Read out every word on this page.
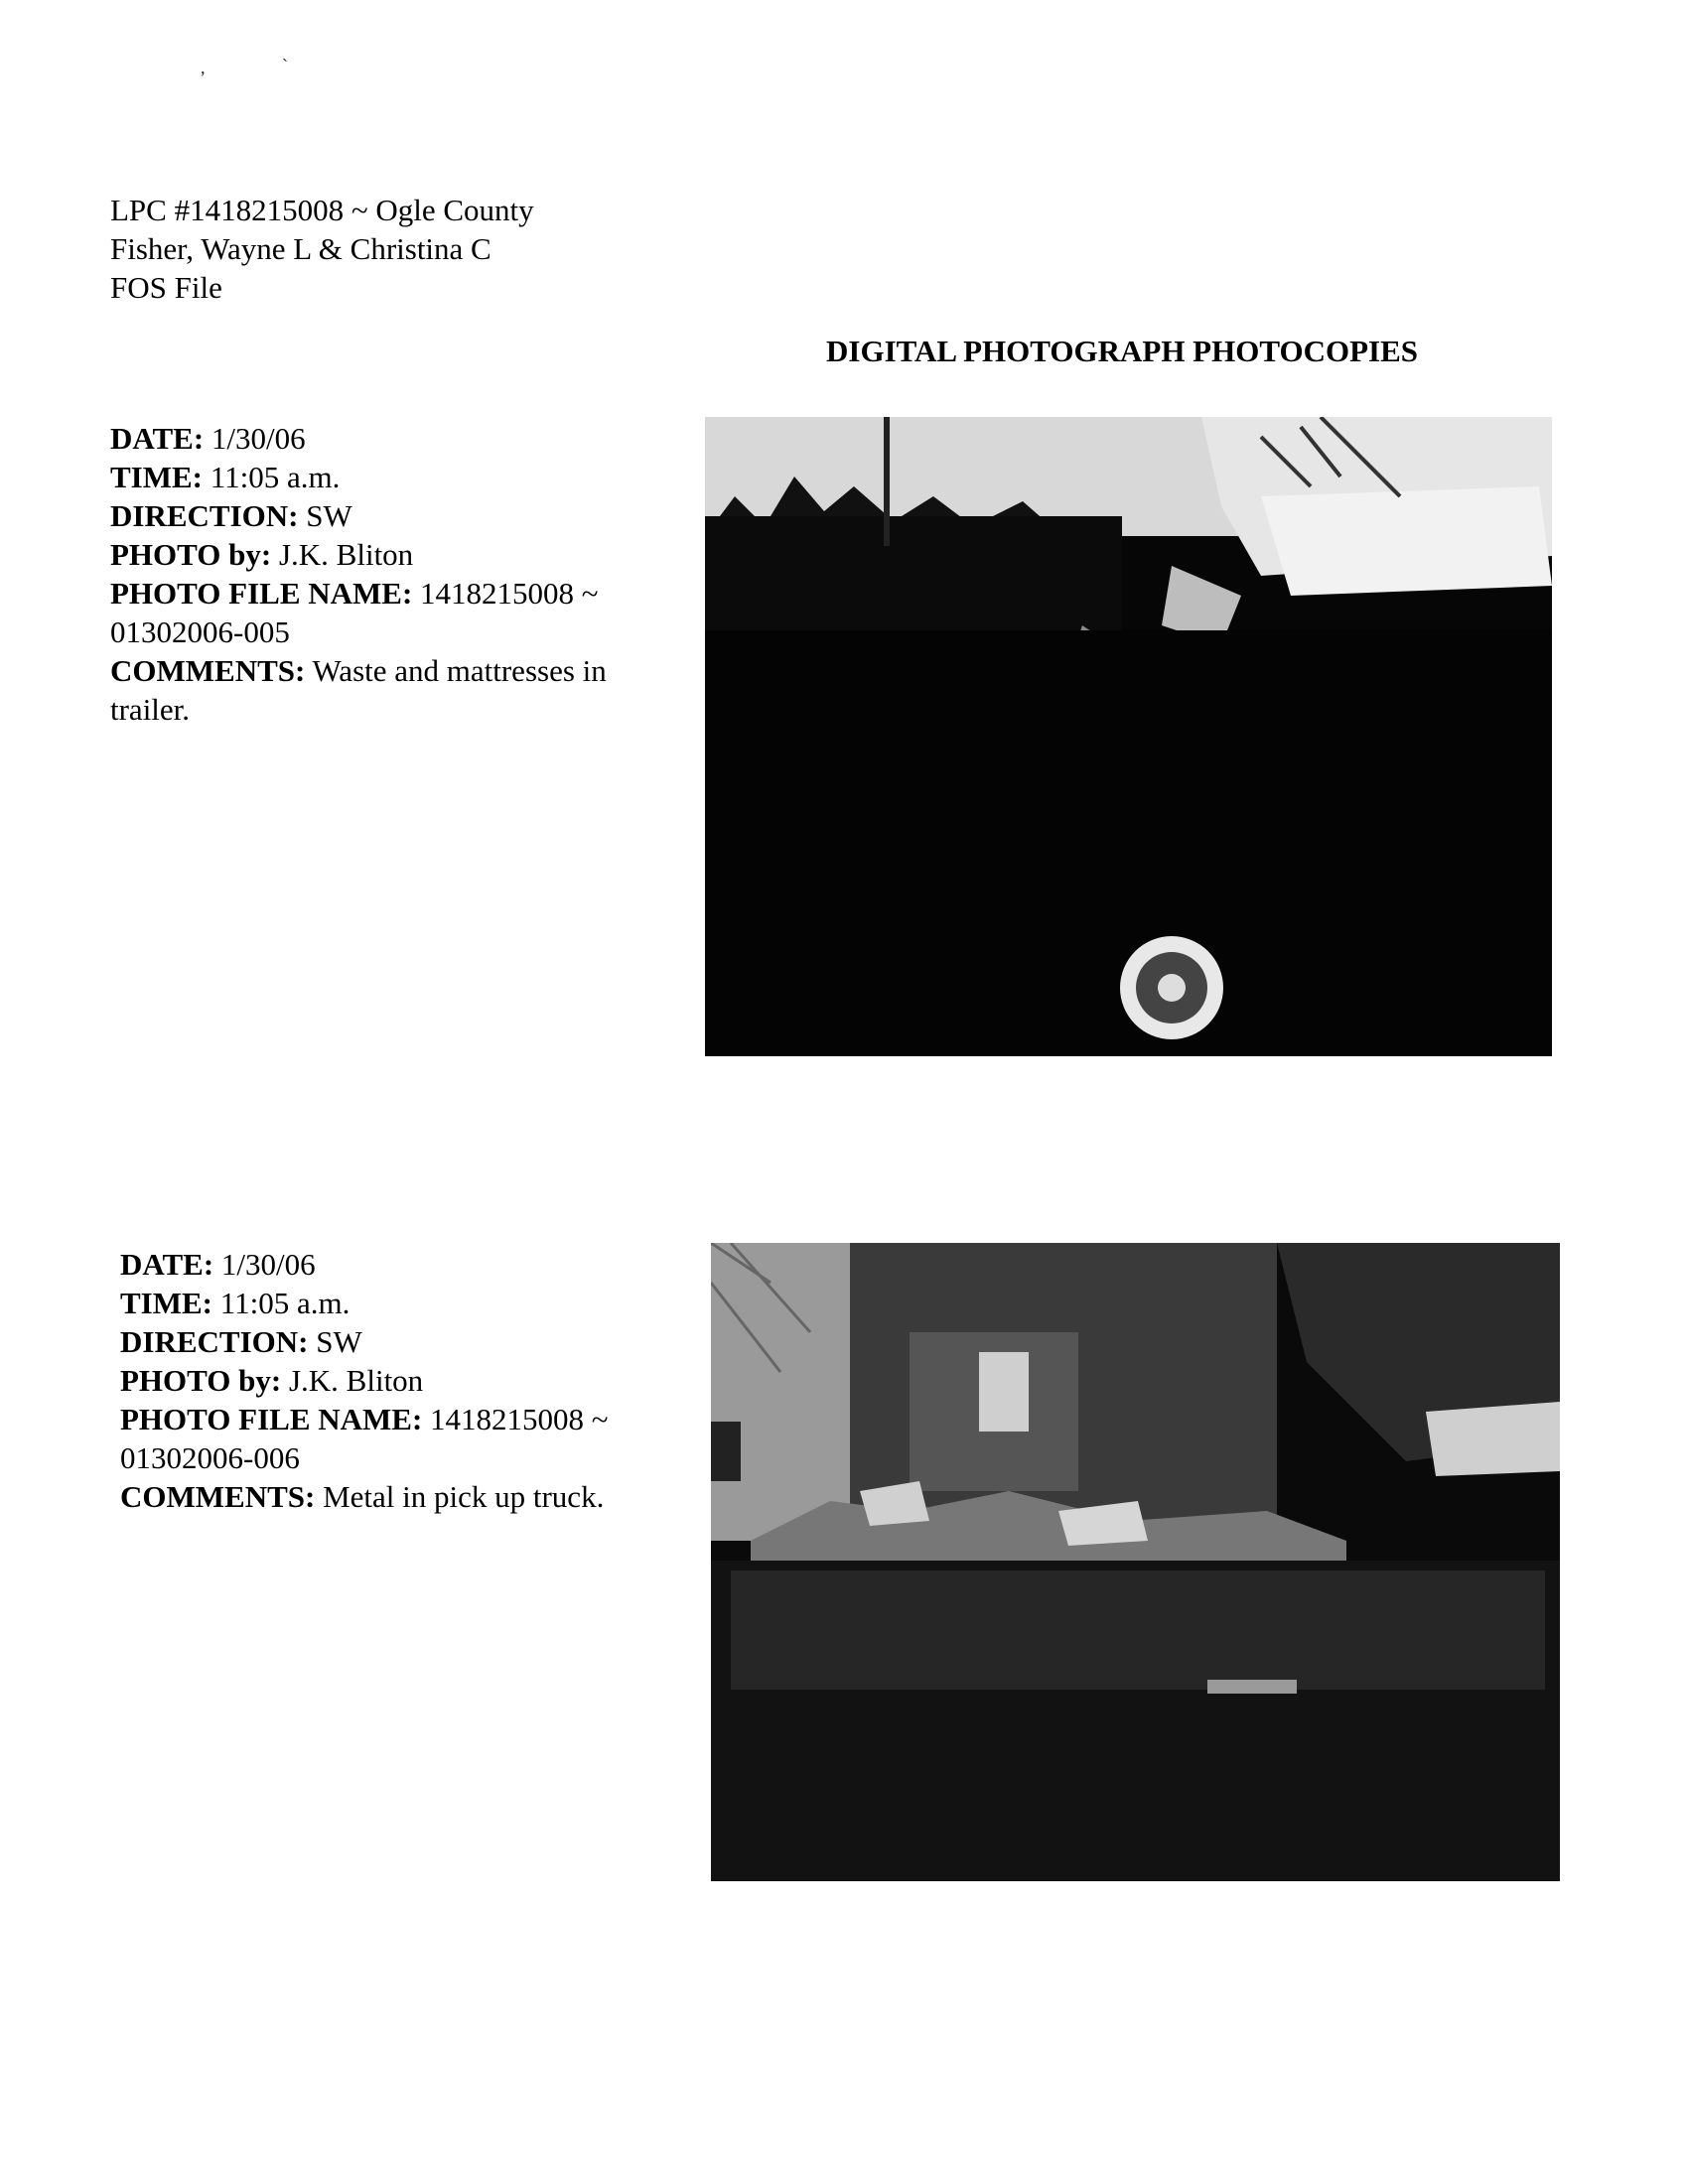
,	`
LPC #1418215008 ~ Ogle County
Fisher, Wayne L & Christina C
FOS File
DIGITAL PHOTOGRAPH PHOTOCOPIES
DATE: 1/30/06
TIME: 11:05 a.m.
DIRECTION: SW
PHOTO by: J.K. Bliton
PHOTO FILE NAME: 1418215008 ~ 01302006-005
COMMENTS: Waste and mattresses in trailer.
DATE: 1/30/06
TIME: 11:05 a.m.
DIRECTION: SW
PHOTO by: J.K. Bliton
PHOTO FILE NAME: 1418215008 ~ 01302006-006
COMMENTS: Metal in pick up truck.
